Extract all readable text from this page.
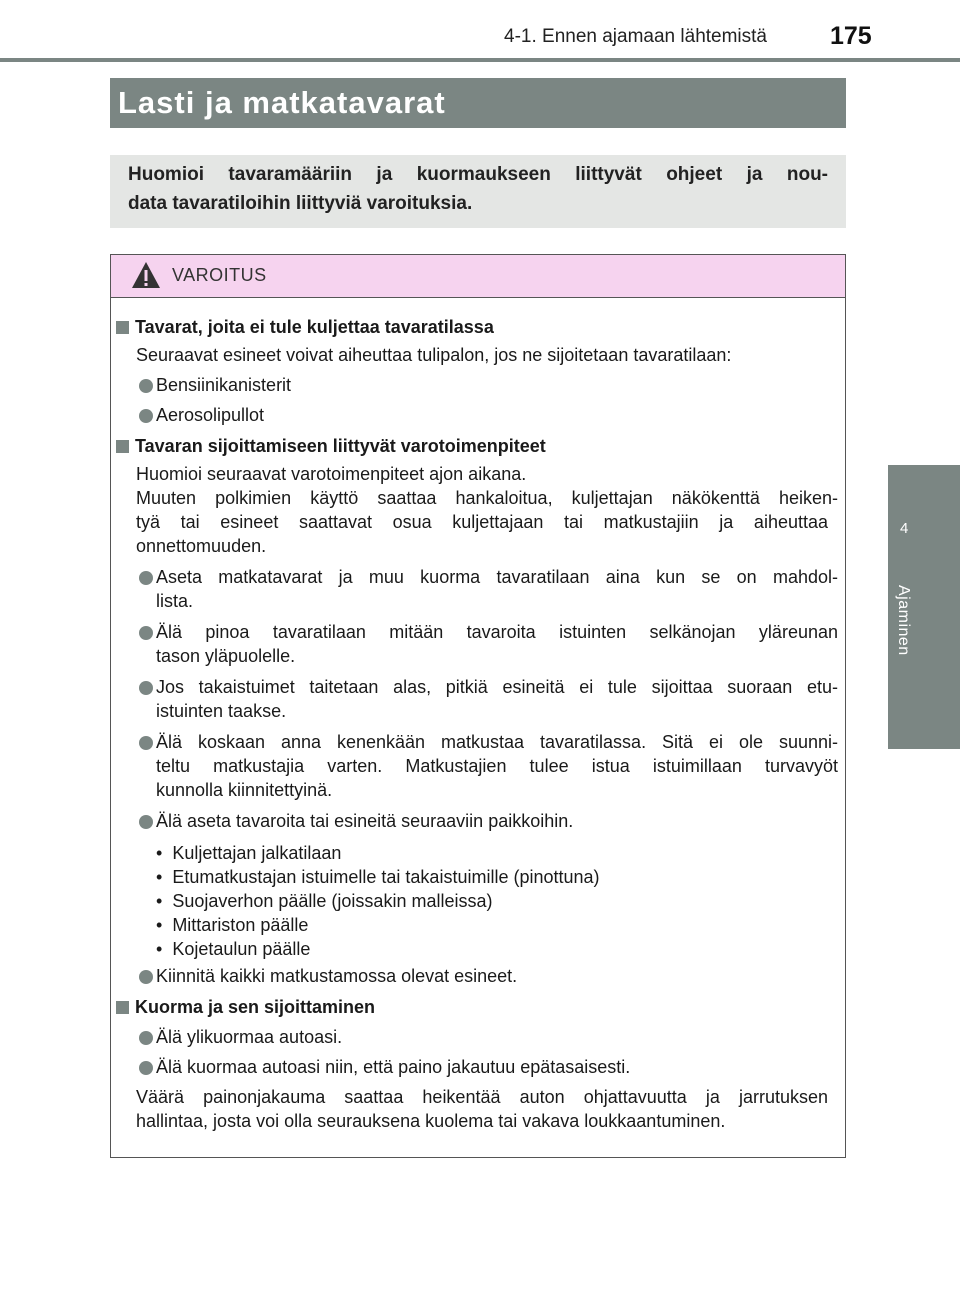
4-1. Ennen ajamaan lähtemistä	175
4
Ajaminen
Lasti ja matkatavarat
Huomioi tavaramääriin ja kuormaukseen liittyvät ohjeet ja nou-
data tavaratiloihin liittyviä varoituksia.
VAROITUS
Tavarat, joita ei tule kuljettaa tavaratilassa
Seuraavat esineet voivat aiheuttaa tulipalon, jos ne sijoitetaan tavaratilaan:
Bensiinikanisterit
Aerosolipullot
Tavaran sijoittamiseen liittyvät varotoimenpiteet
Huomioi seuraavat varotoimenpiteet ajon aikana.
Muuten polkimien käyttö saattaa hankaloitua, kuljettajan näkökenttä heiken-
tyä tai esineet saattavat osua kuljettajaan tai matkustajiin ja aiheuttaa
onnettomuuden.
Aseta matkatavarat ja muu kuorma tavaratilaan aina kun se on mahdol-
lista.
Älä pinoa tavaratilaan mitään tavaroita istuinten selkänojan yläreunan
tason yläpuolelle.
Jos takaistuimet taitetaan alas, pitkiä esineitä ei tule sijoittaa suoraan etu-
istuinten taakse.
Älä koskaan anna kenenkään matkustaa tavaratilassa. Sitä ei ole suunni-
teltu matkustajia varten. Matkustajien tulee istua istuimillaan turvavyöt
kunnolla kiinnitettyinä.
Älä aseta tavaroita tai esineitä seuraaviin paikkoihin.
•  Kuljettajan jalkatilaan
•  Etumatkustajan istuimelle tai takaistuimille (pinottuna)
•  Suojaverhon päälle (joissakin malleissa)
•  Mittariston päälle
•  Kojetaulun päälle
Kiinnitä kaikki matkustamossa olevat esineet.
Kuorma ja sen sijoittaminen
Älä ylikuormaa autoasi.
Älä kuormaa autoasi niin, että paino jakautuu epätasaisesti.
Väärä painonjakauma saattaa heikentää auton ohjattavuutta ja jarrutuksen
hallintaa, josta voi olla seurauksena kuolema tai vakava loukkaantuminen.
